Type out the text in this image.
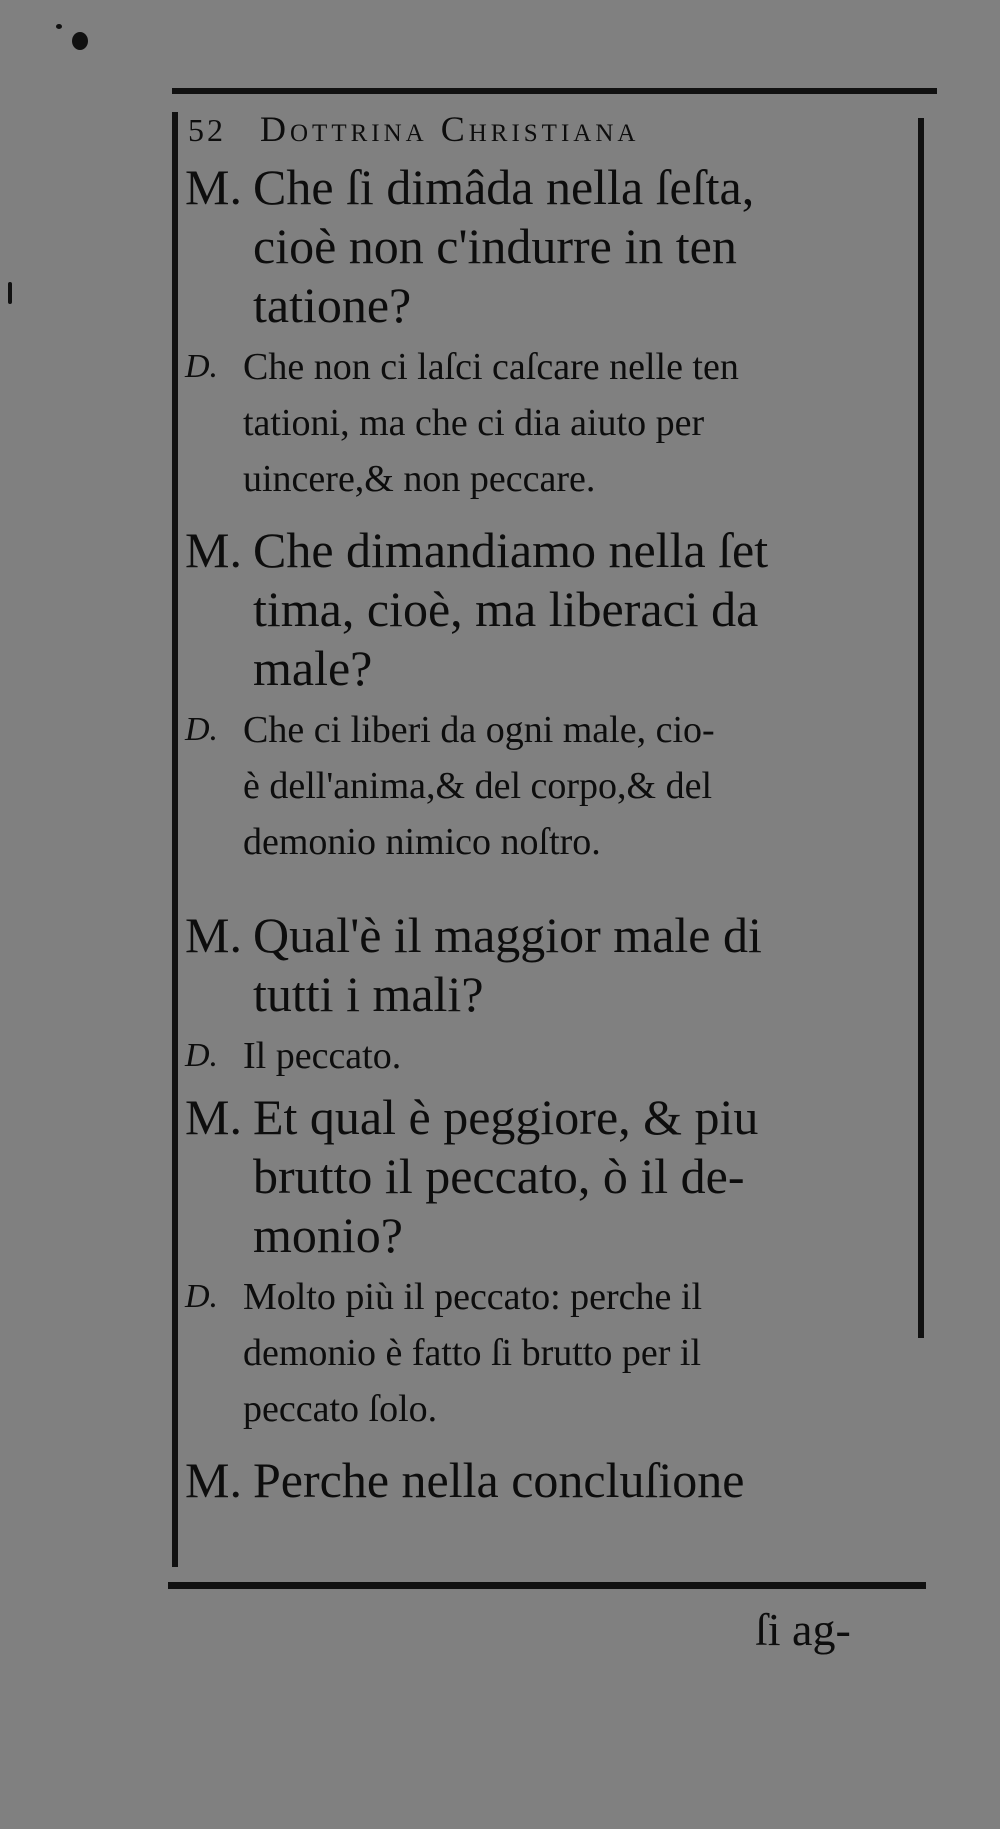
52 Dottrina Christiana
M. Che ſi dimâda nella ſeſta,
cioè non c'indurre in ten
tatione?
D. Che non ci laſci caſcare nelle ten
tationi, ma che ci dia aiuto per
uincere,& non peccare.
M. Che dimandiamo nella ſet
tima, cioè, ma liberaci da
male?
D. Che ci liberi da ogni male, cio-
è dell'anima,& del corpo,& del
demonio nimico noſtro.
M. Qual'è il maggior male di
tutti i mali?
D. Il peccato.
M. Et qual è peggiore, & piu
brutto il peccato, ò il de-
monio?
D. Molto più il peccato: perche il
demonio è fatto ſi brutto per il
peccato ſolo.
M. Perche nella concluſione
ſi ag-
